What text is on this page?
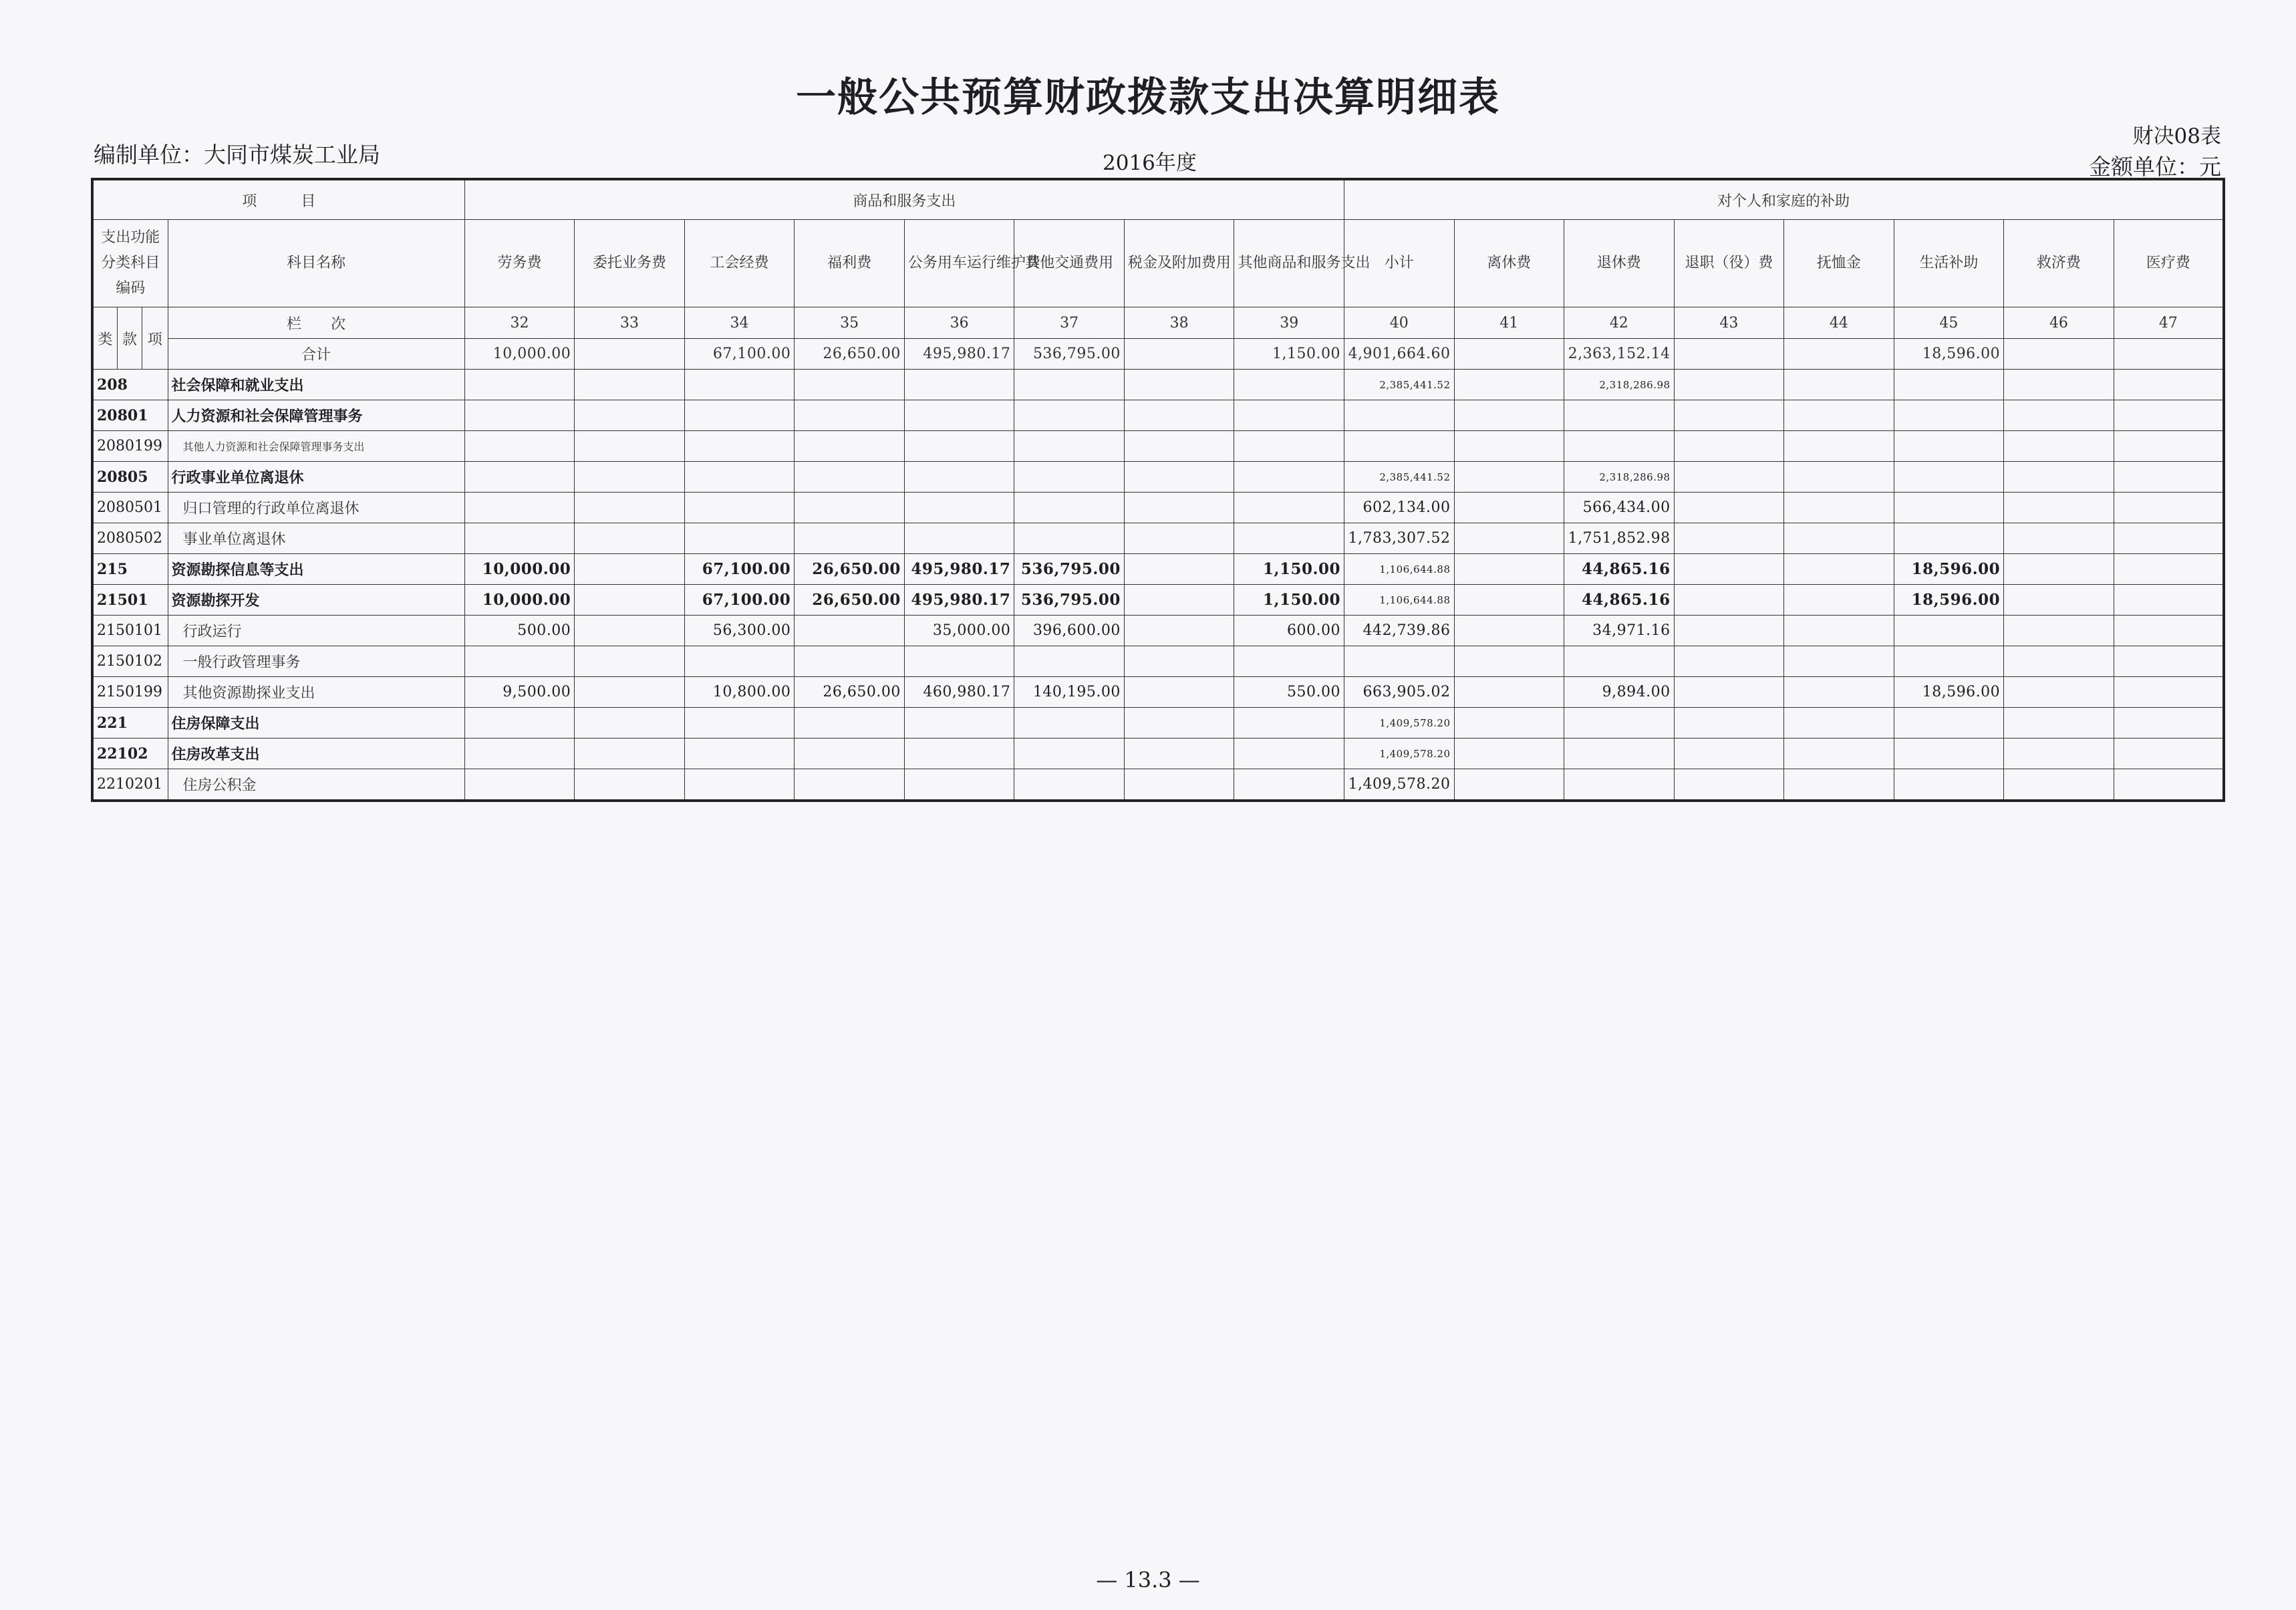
一般公共预算财政拨款支出决算明细表
编制单位：大同市煤炭工业局	2016年度
财决08表
金额单位：元
项　　　目				商品和服务支出								对个人和家庭的补助							
支出功能分类科目编码			科目名称	劳务费	委托业务费	工会经费	福利费	公务用车运行维护费	其他交通费用	税金及附加费用	其他商品和服务支出	小计	离休费	退休费	退职（役）费	抚恤金	生活补助	救济费	医疗费
类	款	项	栏　　次	32	33	34	35	36	37	38	39	40	41	42	43	44	45	46	47
			合计	10,000.00		67,100.00	26,650.00	495,980.17	536,795.00		1,150.00	4,901,664.60		2,363,152.14			18,596.00		
208			社会保障和就业支出									2,385,441.52		2,318,286.98					
20801			人力资源和社会保障管理事务																
2080199			其他人力资源和社会保障管理事务支出																
20805			行政事业单位离退休									2,385,441.52		2,318,286.98					
2080501			归口管理的行政单位离退休									602,134.00		566,434.00					
2080502			事业单位离退休									1,783,307.52		1,751,852.98					
215			资源勘探信息等支出	10,000.00		67,100.00	26,650.00	495,980.17	536,795.00		1,150.00	1,106,644.88		44,865.16			18,596.00		
21501			资源勘探开发	10,000.00		67,100.00	26,650.00	495,980.17	536,795.00		1,150.00	1,106,644.88		44,865.16			18,596.00		
2150101			行政运行	500.00		56,300.00		35,000.00	396,600.00		600.00	442,739.86		34,971.16					
2150102			一般行政管理事务																
2150199			其他资源勘探业支出	9,500.00		10,800.00	26,650.00	460,980.17	140,195.00		550.00	663,905.02		9,894.00			18,596.00		
221			住房保障支出									1,409,578.20							
22102			住房改革支出									1,409,578.20							
2210201			住房公积金									1,409,578.20							
— 13.3 —
